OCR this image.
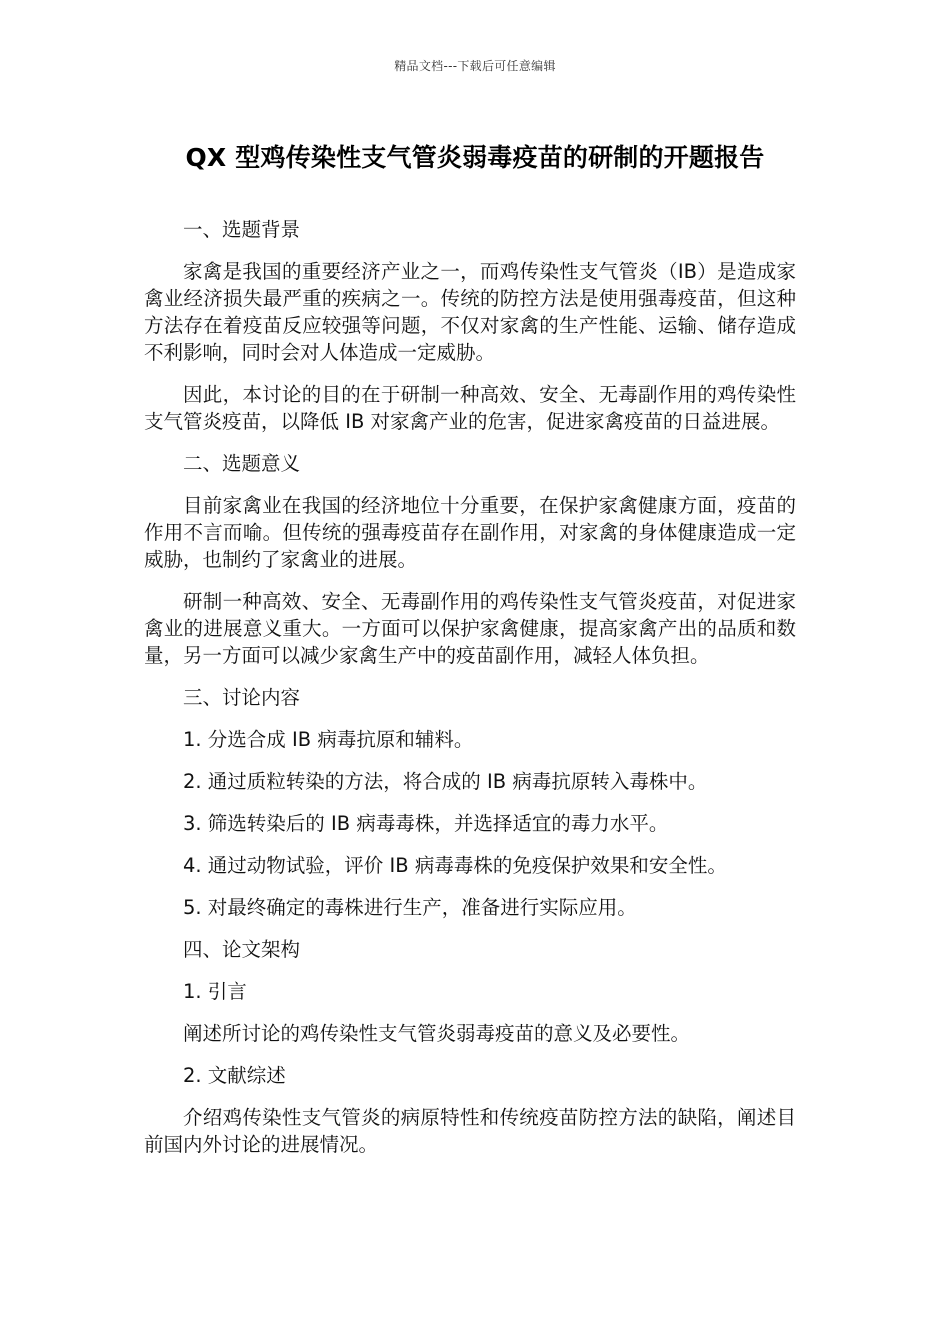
精品文档---下载后可任意编辑
QX 型鸡传染性支气管炎弱毒疫苗的研制的开题报告

一、选题背景

家禽是我国的重要经济产业之一，而鸡传染性支气管炎（IB）是造成家禽业经济损失最严重的疾病之一。传统的防控方法是使用强毒疫苗，但这种方法存在着疫苗反应较强等问题，不仅对家禽的生产性能、运输、储存造成不利影响，同时会对人体造成一定威胁。

因此，本讨论的目的在于研制一种高效、安全、无毒副作用的鸡传染性支气管炎疫苗，以降低 IB 对家禽产业的危害，促进家禽疫苗的日益进展。

二、选题意义

目前家禽业在我国的经济地位十分重要，在保护家禽健康方面，疫苗的作用不言而喻。但传统的强毒疫苗存在副作用，对家禽的身体健康造成一定威胁，也制约了家禽业的进展。

研制一种高效、安全、无毒副作用的鸡传染性支气管炎疫苗，对促进家禽业的进展意义重大。一方面可以保护家禽健康，提高家禽产出的品质和数量，另一方面可以减少家禽生产中的疫苗副作用，减轻人体负担。

三、讨论内容

1. 分选合成 IB 病毒抗原和辅料。

2. 通过质粒转染的方法，将合成的 IB 病毒抗原转入毒株中。

3. 筛选转染后的 IB 病毒毒株，并选择适宜的毒力水平。

4. 通过动物试验，评价 IB 病毒毒株的免疫保护效果和安全性。

5. 对最终确定的毒株进行生产，准备进行实际应用。

四、论文架构

1. 引言

阐述所讨论的鸡传染性支气管炎弱毒疫苗的意义及必要性。

2. 文献综述

介绍鸡传染性支气管炎的病原特性和传统疫苗防控方法的缺陷，阐述目前国内外讨论的进展情况。
